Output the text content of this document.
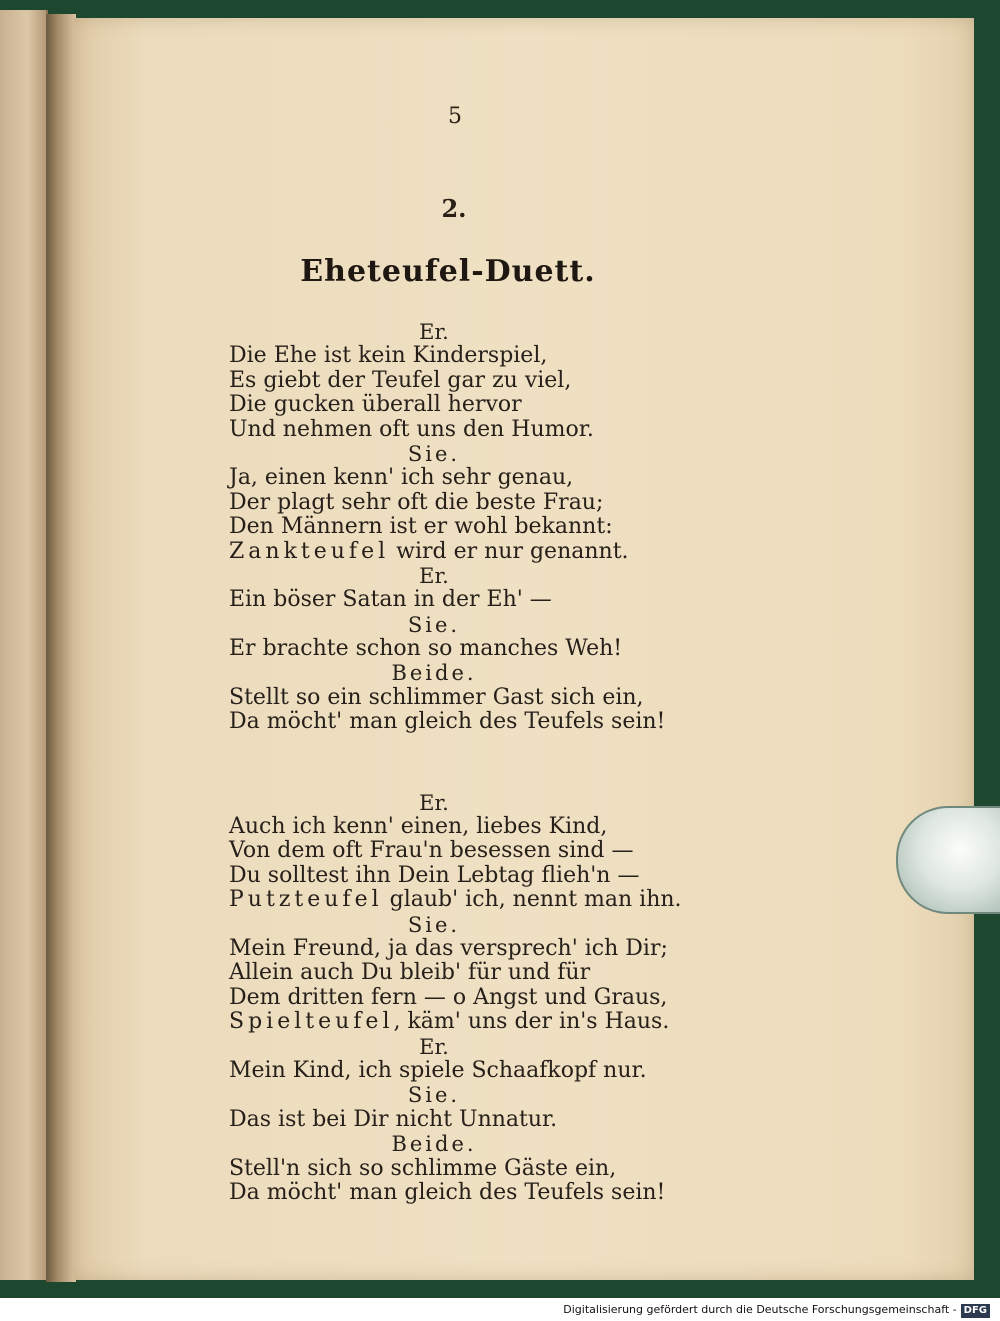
5
2.
Eheteufel-Duett.
Er.
Die Ehe ist kein Kinderspiel,
Es giebt der Teufel gar zu viel,
Die gucken überall hervor
Und nehmen oft uns den Humor.
Sie.
Ja, einen kenn' ich sehr genau,
Der plagt sehr oft die beste Frau;
Den Männern ist er wohl bekannt:
Zankteufel wird er nur genannt.
Er.
Ein böser Satan in der Eh' —
Sie.
Er brachte schon so manches Weh!
Beide.
Stellt so ein schlimmer Gast sich ein,
Da möcht' man gleich des Teufels sein!
Er.
Auch ich kenn' einen, liebes Kind,
Von dem oft Frau'n besessen sind —
Du solltest ihn Dein Lebtag flieh'n —
Putzteufel glaub' ich, nennt man ihn.
Sie.
Mein Freund, ja das versprech' ich Dir;
Allein auch Du bleib' für und für
Dem dritten fern — o Angst und Graus,
Spielteufel, käm' uns der in's Haus.
Er.
Mein Kind, ich spiele Schaafkopf nur.
Sie.
Das ist bei Dir nicht Unnatur.
Beide.
Stell'n sich so schlimme Gäste ein,
Da möcht' man gleich des Teufels sein!
Digitalisierung gefördert durch die Deutsche Forschungsgemeinschaft - DFG
